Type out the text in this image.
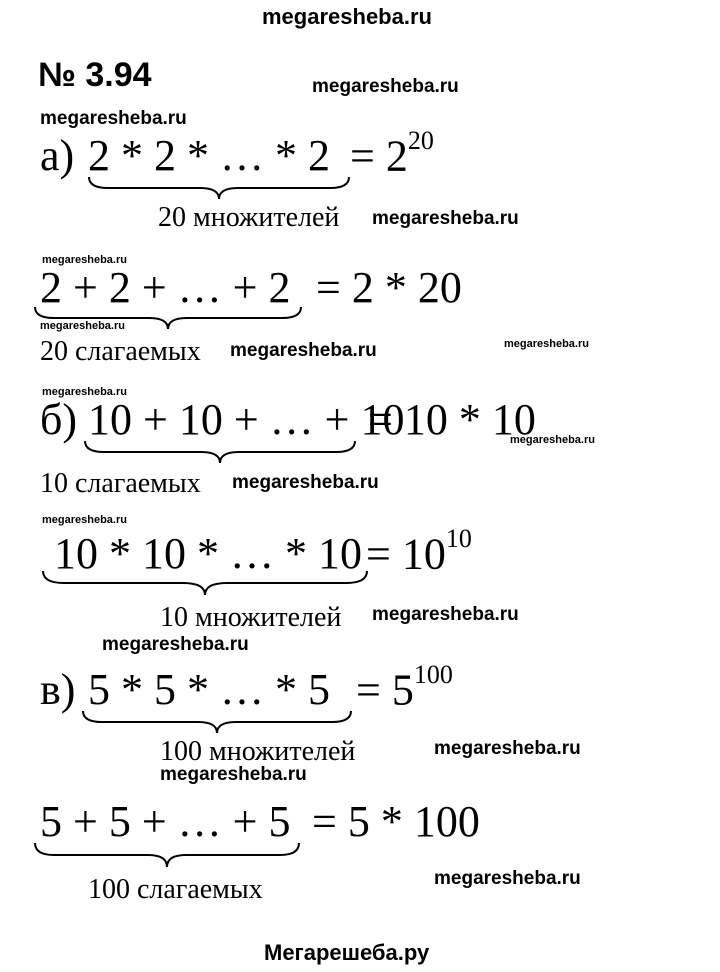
megaresheba.ru
№ 3.94	megaresheba.ru
megaresheba.ru
а) 2 * 2 * … * $2 = 2^{20}$
20 множителей megaresheba.ru
megaresheba.ru
2 + 2 + … + 2 = 2 * 20
megaresheba.ru
20 слагаемых megaresheba.ru	megaresheba.ru
megaresheba.ru
б) 10 + 10 + … + 10
= 10 * 10
megaresheba.ru
10 слагаемых megaresheba.ru
megaresheba.ru
10 * 10 * … * $10 = 10^{10}$
10 множителей megaresheba.ru
megaresheba.ru
в) 5 * 5 * … * $5 = 5^{100}$
100 множителей	megaresheba.ru
megaresheba.ru
5 + 5 + … + 5 = 5 * 100
100 слагаемых	megaresheba.ru
Мегарешеба.ру
